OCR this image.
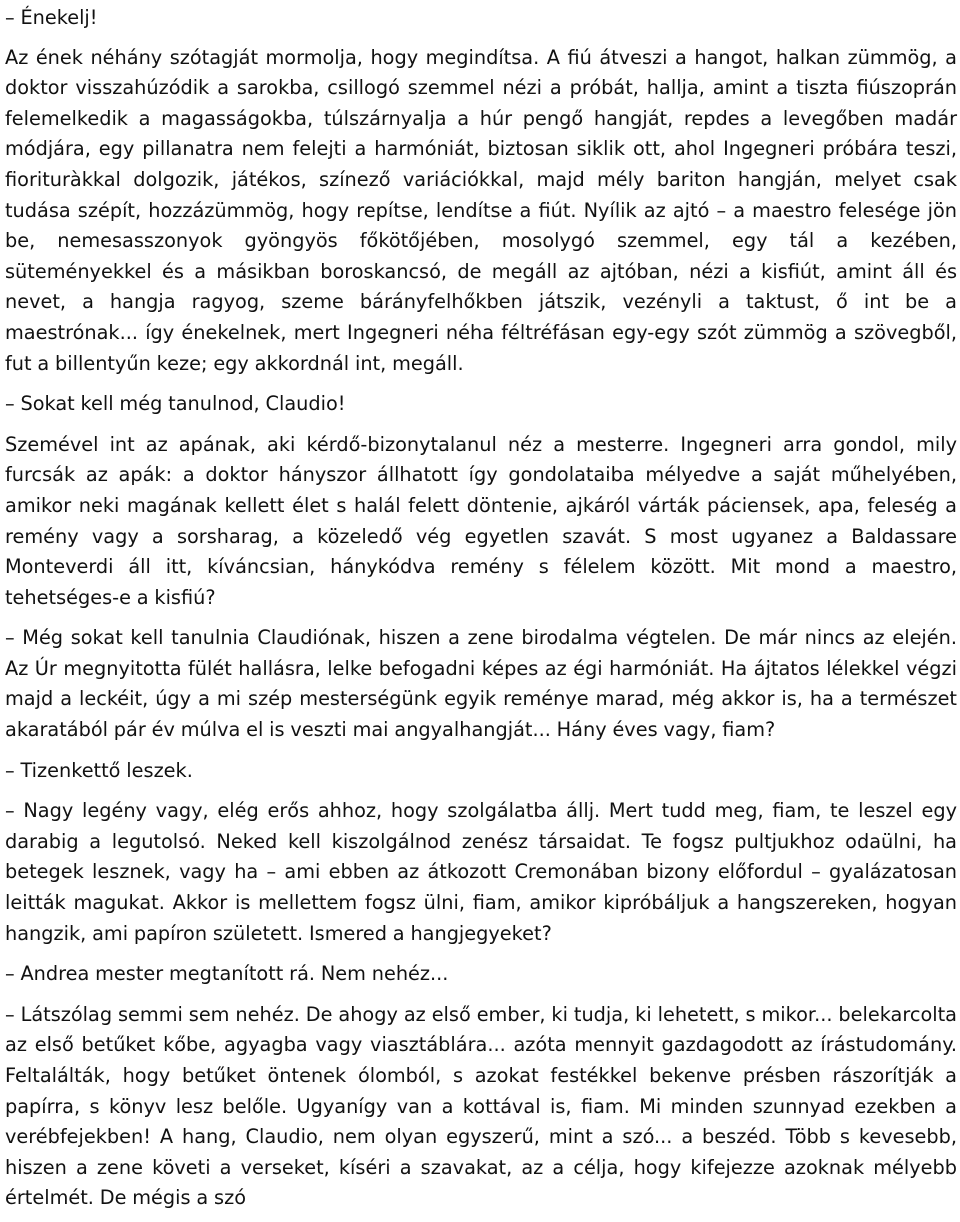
– Énekelj!

Az ének néhány szótagját mormolja, hogy megindítsa. A fiú átveszi a hangot, halkan zümmög, a doktor visszahúzódik a sarokba, csillogó szemmel nézi a próbát, hallja, amint a tiszta fiúszoprán felemelkedik a magasságokba, túlszárnyalja a húr pengő hangját, repdes a levegőben madár módjára, egy pillanatra nem felejti a harmóniát, biztosan siklik ott, ahol Ingegneri próbára teszi, fiorituràkkal dolgozik, játékos, színező variációkkal, majd mély bariton hangján, melyet csak tudása szépít, hozzázümmög, hogy repítse, lendítse a fiút. Nyílik az ajtó – a maestro felesége jön be, nemesasszonyok gyöngyös főkötőjében, mosolygó szemmel, egy tál a kezében, süteményekkel és a másikban boroskancsó, de megáll az ajtóban, nézi a kisfiút, amint áll és nevet, a hangja ragyog, szeme bárányfelhőkben játszik, vezényli a taktust, ő int be a maestrónak... így énekelnek, mert Ingegneri néha féltréfásan egy-egy szót zümmög a szövegből, fut a billentyűn keze; egy akkordnál int, megáll.

– Sokat kell még tanulnod, Claudio!

Szemével int az apának, aki kérdő-bizonytalanul néz a mesterre. Ingegneri arra gondol, mily furcsák az apák: a doktor hányszor állhatott így gondolataiba mélyedve a saját műhelyében, amikor neki magának kellett élet s halál felett döntenie, ajkáról várták páciensek, apa, feleség a remény vagy a sorsharag, a közeledő vég egyetlen szavát. S most ugyanez a Baldassare Monteverdi áll itt, kíváncsian, hánykódva remény s félelem között. Mit mond a maestro, tehetséges-e a kisfiú?

– Még sokat kell tanulnia Claudiónak, hiszen a zene birodalma végtelen. De már nincs az elején. Az Úr megnyitotta fülét hallásra, lelke befogadni képes az égi harmóniát. Ha ájtatos lélekkel végzi majd a leckéit, úgy a mi szép mesterségünk egyik reménye marad, még akkor is, ha a természet akaratából pár év múlva el is veszti mai angyalhangját... Hány éves vagy, fiam?

– Tizenkettő leszek.

– Nagy legény vagy, elég erős ahhoz, hogy szolgálatba állj. Mert tudd meg, fiam, te leszel egy darabig a legutolsó. Neked kell kiszolgálnod zenész társaidat. Te fogsz pultjukhoz odaülni, ha betegek lesznek, vagy ha – ami ebben az átkozott Cremonában bizony előfordul – gyalázatosan leitták magukat. Akkor is mellettem fogsz ülni, fiam, amikor kipróbáljuk a hangszereken, hogyan hangzik, ami papíron született. Ismered a hangjegyeket?

– Andrea mester megtanított rá. Nem nehéz...

– Látszólag semmi sem nehéz. De ahogy az első ember, ki tudja, ki lehetett, s mikor... belekarcolta az első betűket kőbe, agyagba vagy viasztáblára... azóta mennyit gazdagodott az írástudomány. Feltalálták, hogy betűket öntenek ólomból, s azokat festékkel bekenve présben rászorítják a papírra, s könyv lesz belőle. Ugyanígy van a kottával is, fiam. Mi minden szunnyad ezekben a verébfejekben! A hang, Claudio, nem olyan egyszerű, mint a szó... a beszéd. Több s kevesebb, hiszen a zene követi a verseket, kíséri a szavakat, az a célja, hogy kifejezze azoknak mélyebb értelmét. De mégis a szó
